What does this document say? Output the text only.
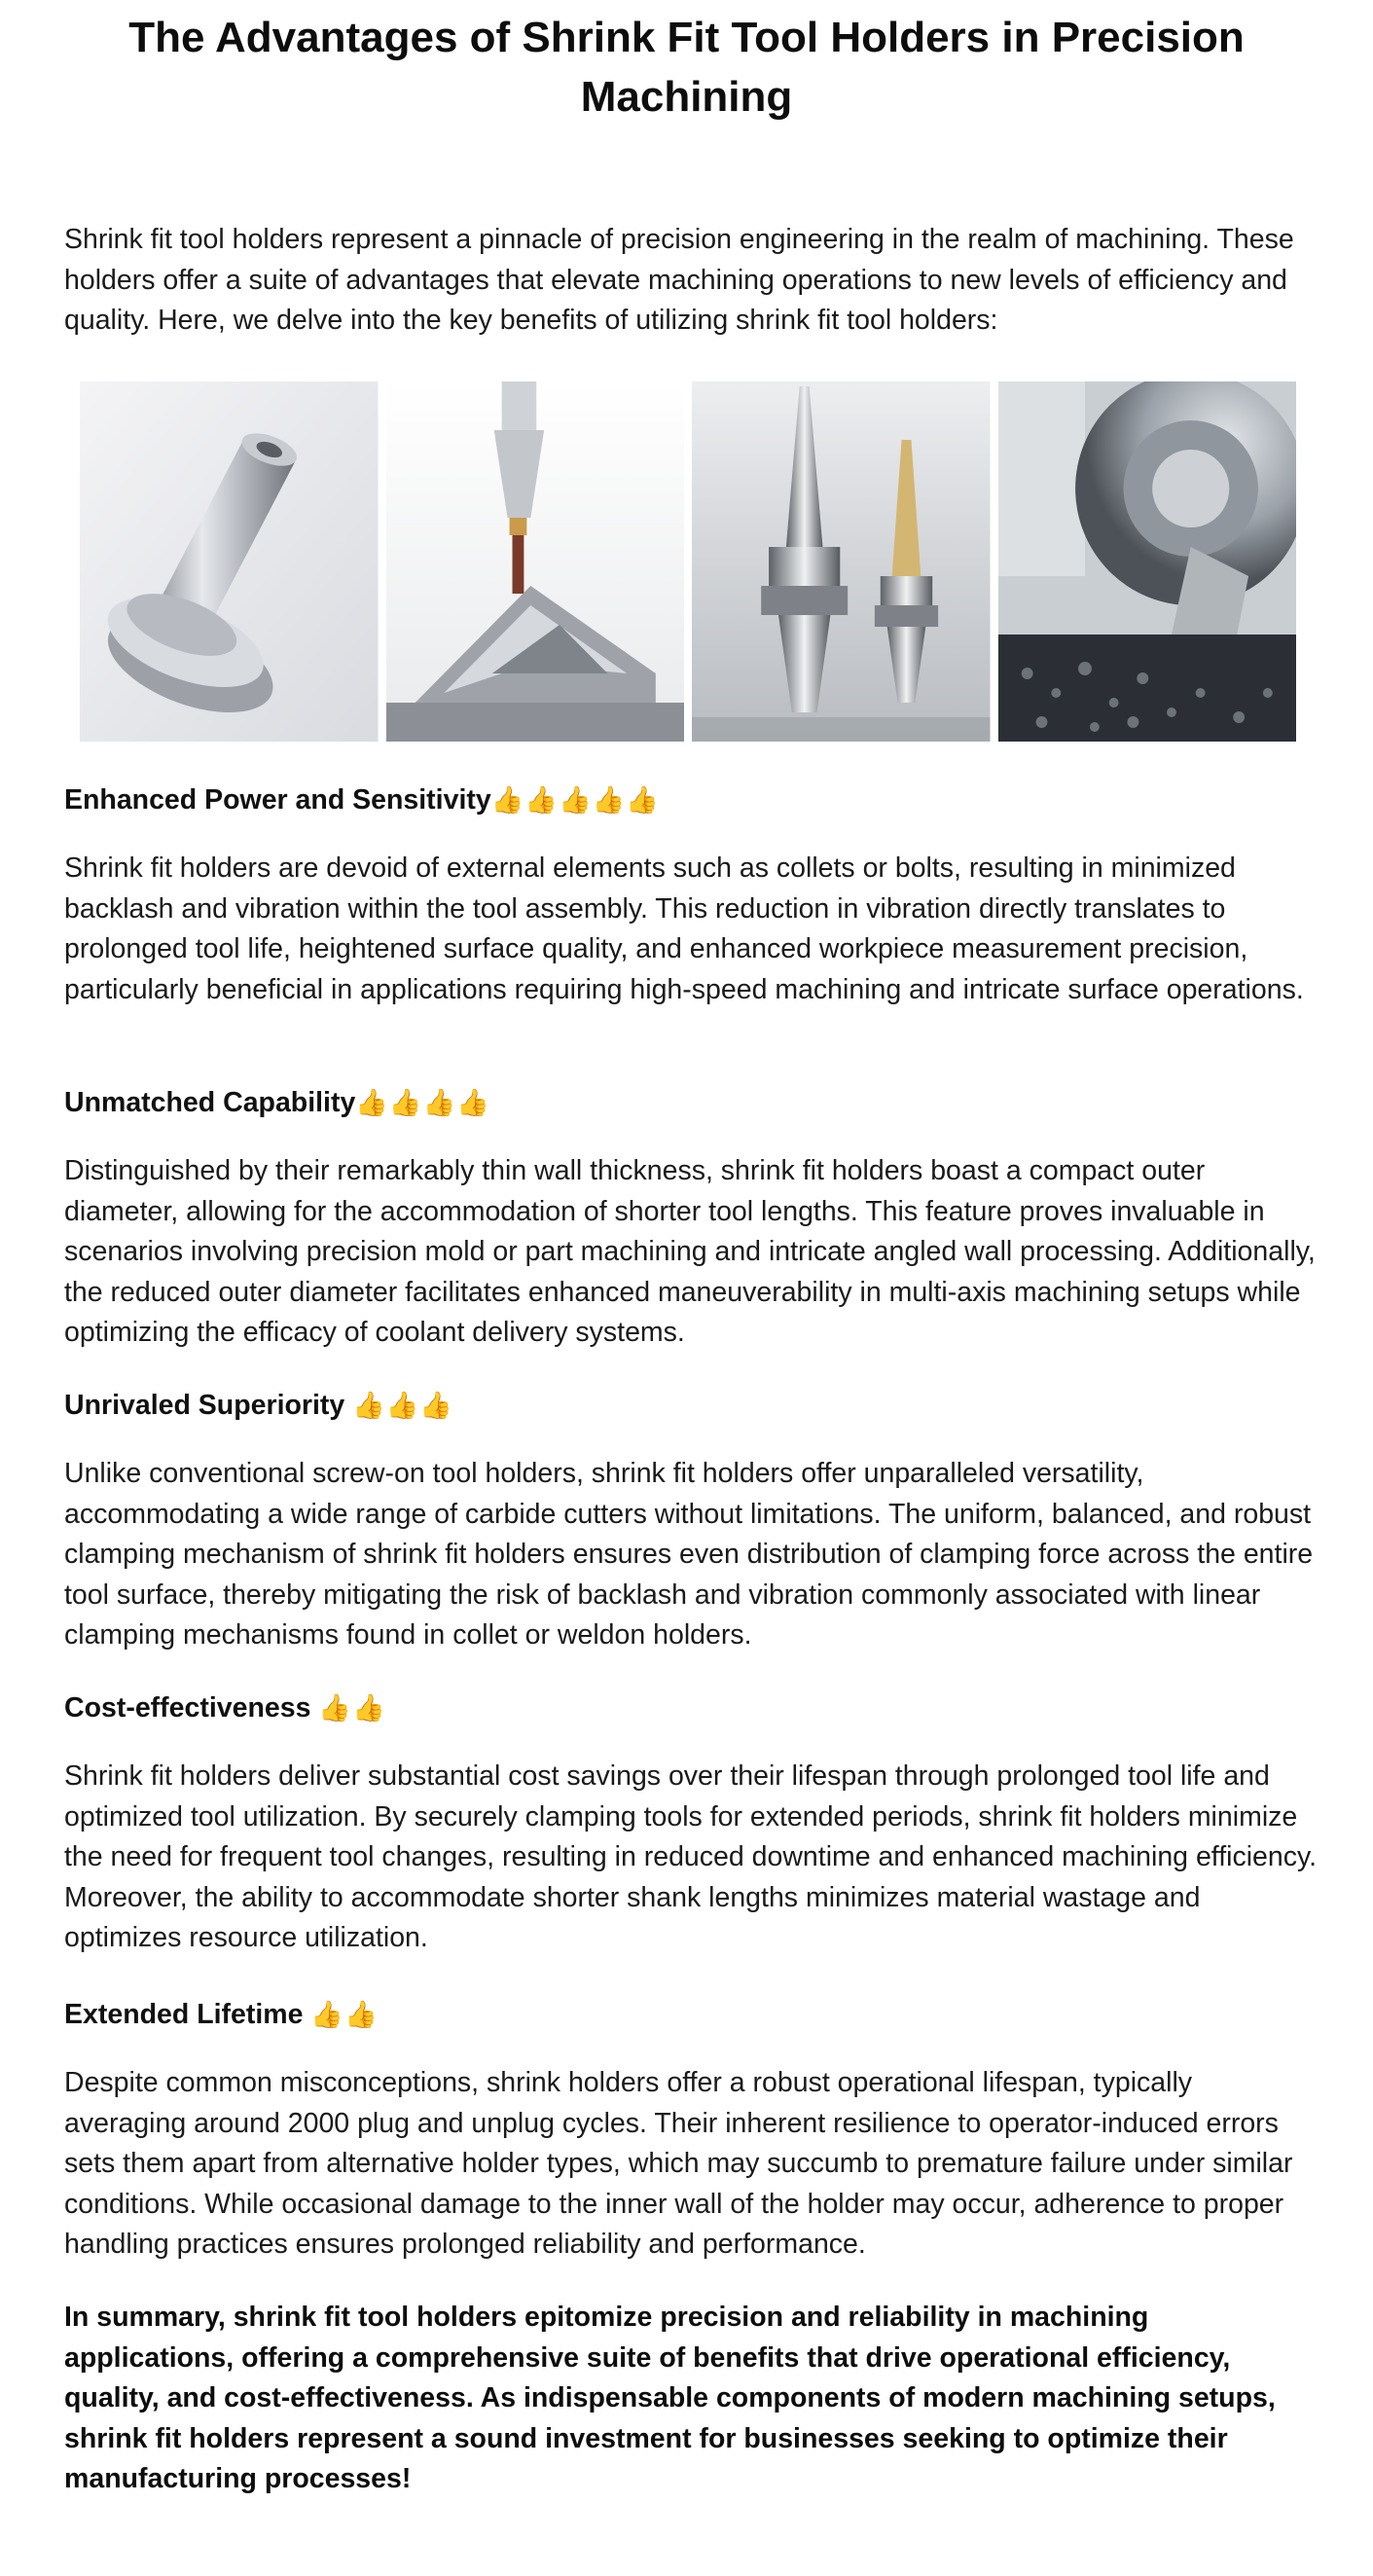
The Advantages of Shrink Fit Tool Holders in Precision Machining

Shrink fit tool holders represent a pinnacle of precision engineering in the realm of machining. These holders offer a suite of advantages that elevate machining operations to new levels of efficiency and quality. Here, we delve into the key benefits of utilizing shrink fit tool holders:

Enhanced Power and Sensitivity👍👍👍👍👍

Shrink fit holders are devoid of external elements such as collets or bolts, resulting in minimized backlash and vibration within the tool assembly. This reduction in vibration directly translates to prolonged tool life, heightened surface quality, and enhanced workpiece measurement precision, particularly beneficial in applications requiring high-speed machining and intricate surface operations.

Unmatched Capability👍👍👍👍

Distinguished by their remarkably thin wall thickness, shrink fit holders boast a compact outer diameter, allowing for the accommodation of shorter tool lengths. This feature proves invaluable in scenarios involving precision mold or part machining and intricate angled wall processing. Additionally, the reduced outer diameter facilitates enhanced maneuverability in multi-axis machining setups while optimizing the efficacy of coolant delivery systems.

Unrivaled Superiority 👍👍👍

Unlike conventional screw-on tool holders, shrink fit holders offer unparalleled versatility, accommodating a wide range of carbide cutters without limitations. The uniform, balanced, and robust clamping mechanism of shrink fit holders ensures even distribution of clamping force across the entire tool surface, thereby mitigating the risk of backlash and vibration commonly associated with linear clamping mechanisms found in collet or weldon holders.

Cost-effectiveness 👍👍

Shrink fit holders deliver substantial cost savings over their lifespan through prolonged tool life and optimized tool utilization. By securely clamping tools for extended periods, shrink fit holders minimize the need for frequent tool changes, resulting in reduced downtime and enhanced machining efficiency. Moreover, the ability to accommodate shorter shank lengths minimizes material wastage and optimizes resource utilization.

Extended Lifetime 👍👍

Despite common misconceptions, shrink holders offer a robust operational lifespan, typically averaging around 2000 plug and unplug cycles. Their inherent resilience to operator-induced errors sets them apart from alternative holder types, which may succumb to premature failure under similar conditions. While occasional damage to the inner wall of the holder may occur, adherence to proper handling practices ensures prolonged reliability and performance.

In summary, shrink fit tool holders epitomize precision and reliability in machining applications, offering a comprehensive suite of benefits that drive operational efficiency, quality, and cost-effectiveness. As indispensable components of modern machining setups, shrink fit holders represent a sound investment for businesses seeking to optimize their manufacturing processes!
